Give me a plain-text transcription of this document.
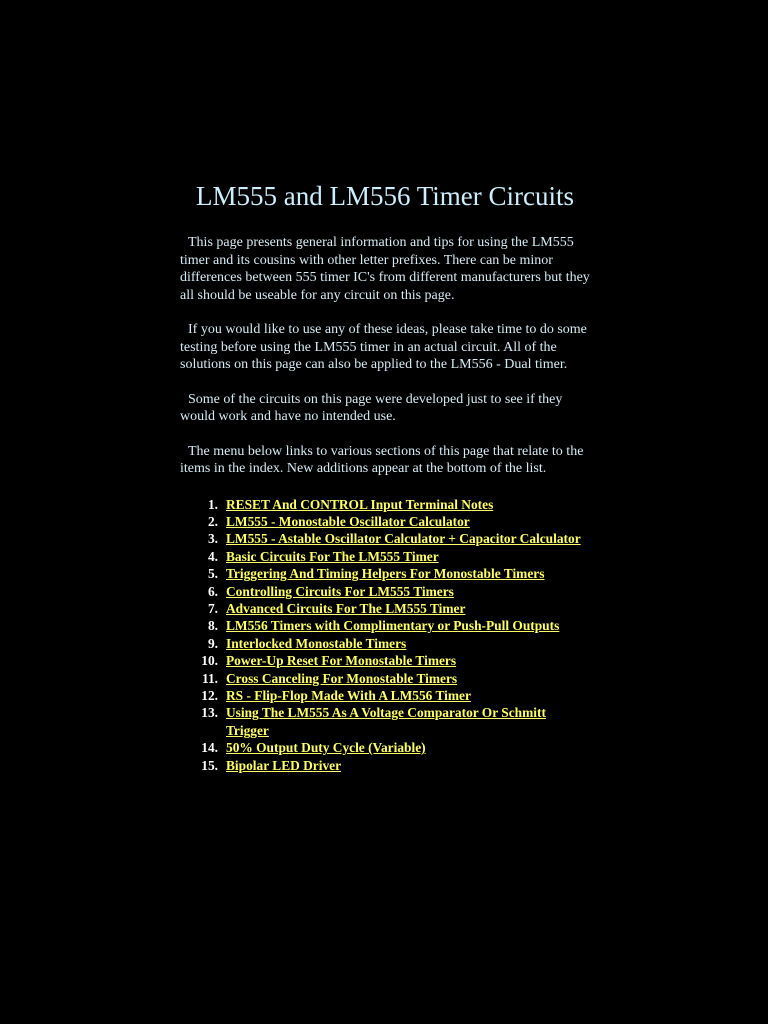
LM555 and LM556 Timer Circuits

This page presents general information and tips for using the LM555 timer and its cousins with other letter prefixes. There can be minor differences between 555 timer IC's from different manufacturers but they all should be useable for any circuit on this page.

If you would like to use any of these ideas, please take time to do some testing before using the LM555 timer in an actual circuit. All of the solutions on this page can also be applied to the LM556 - Dual timer.

Some of the circuits on this page were developed just to see if they would work and have no intended use.

The menu below links to various sections of this page that relate to the items in the index. New additions appear at the bottom of the list.

1. RESET And CONTROL Input Terminal Notes
2. LM555 - Monostable Oscillator Calculator
3. LM555 - Astable Oscillator Calculator + Capacitor Calculator
4. Basic Circuits For The LM555 Timer
5. Triggering And Timing Helpers For Monostable Timers
6. Controlling Circuits For LM555 Timers
7. Advanced Circuits For The LM555 Timer
8. LM556 Timers with Complimentary or Push-Pull Outputs
9. Interlocked Monostable Timers
10. Power-Up Reset For Monostable Timers
11. Cross Canceling For Monostable Timers
12. RS - Flip-Flop Made With A LM556 Timer
13. Using The LM555 As A Voltage Comparator Or Schmitt Trigger
14. 50% Output Duty Cycle (Variable)
15. Bipolar LED Driver
